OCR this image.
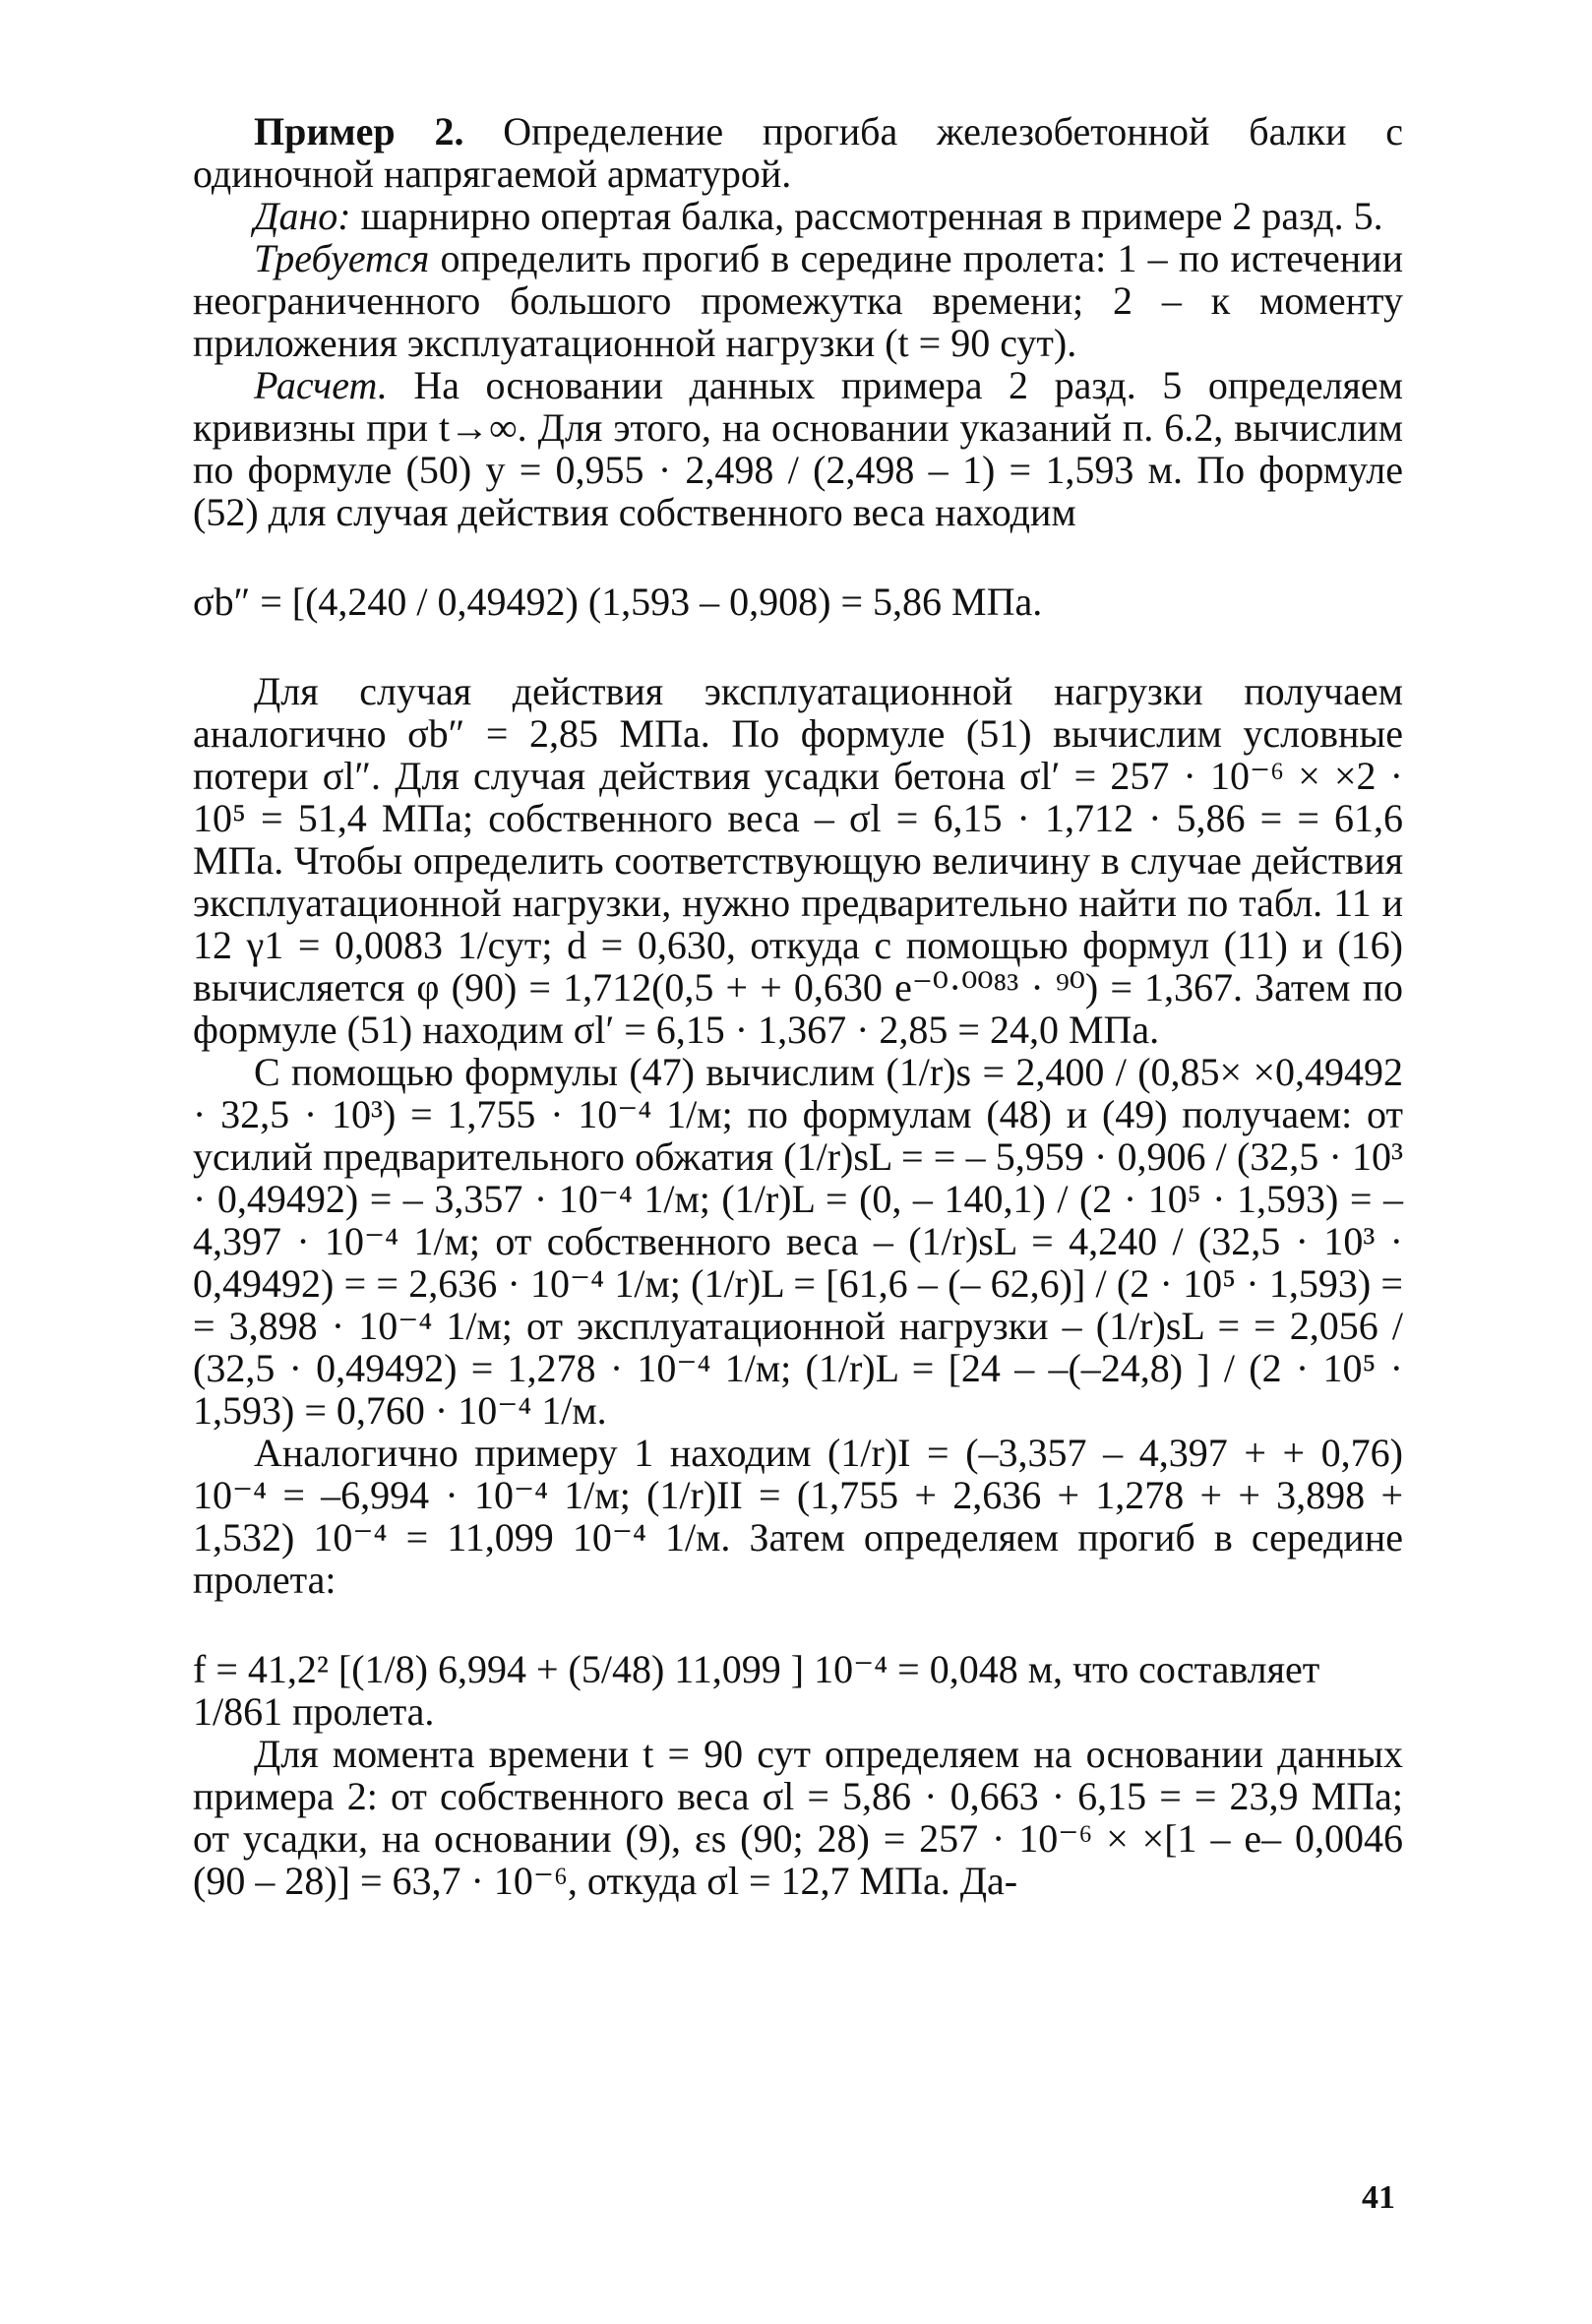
Пример 2. Определение прогиба железобетонной балки с одиночной напрягаемой арматурой.

Дано: шарнирно опертая балка, рассмотренная в примере 2 разд. 5.

Требуется определить прогиб в середине пролета: 1 – по истечении неограниченного большого промежутка времени; 2 – к моменту приложения эксплуатационной нагрузки (t = 90 сут).

Расчет. На основании данных примера 2 разд. 5 определяем кривизны при t→∞. Для этого, на основании указаний п. 6.2, вычислим по формуле (50) y = 0,955 · 2,498 / (2,498 – 1) = 1,593 м. По формуле (52) для случая действия собственного веса находим

σb″ = [(4,240 / 0,49492) (1,593 – 0,908) = 5,86 МПа.

Для случая действия эксплуатационной нагрузки получаем аналогично σb″ = 2,85 МПа. По формуле (51) вычислим условные потери σl″. Для случая действия усадки бетона σl′ = 257 · 10⁻⁶ × ×2 · 10⁵ = 51,4 МПа; собственного веса – σl = 6,15 · 1,712 · 5,86 = = 61,6 МПа. Чтобы определить соответствующую величину в случае действия эксплуатационной нагрузки, нужно предварительно найти по табл. 11 и 12 γ1 = 0,0083 1/сут; d = 0,630, откуда с помощью формул (11) и (16) вычисляется φ (90) = 1,712(0,5 + + 0,630 e⁻⁰·⁰⁰⁸³ · ⁹⁰) = 1,367. Затем по формуле (51) находим σl′ = 6,15 · 1,367 · 2,85 = 24,0 МПа.

С помощью формулы (47) вычислим (1/r)s = 2,400 / (0,85× ×0,49492 · 32,5 · 10³) = 1,755 · 10⁻⁴ 1/м; по формулам (48) и (49) получаем: от усилий предварительного обжатия (1/r)sL = = – 5,959 · 0,906 / (32,5 · 10³ · 0,49492) = – 3,357 · 10⁻⁴ 1/м; (1/r)L = (0, – 140,1) / (2 · 10⁵ · 1,593) = – 4,397 · 10⁻⁴ 1/м; от собственного веса – (1/r)sL = 4,240 / (32,5 · 10³ · 0,49492) = = 2,636 · 10⁻⁴ 1/м; (1/r)L = [61,6 – (– 62,6)] / (2 · 10⁵ · 1,593) = = 3,898 · 10⁻⁴ 1/м; от эксплуатационной нагрузки – (1/r)sL = = 2,056 / (32,5 · 0,49492) = 1,278 · 10⁻⁴ 1/м; (1/r)L = [24 – –(–24,8) ] / (2 · 10⁵ · 1,593) = 0,760 · 10⁻⁴ 1/м.

Аналогично примеру 1 находим (1/r)I = (–3,357 – 4,397 + + 0,76) 10⁻⁴ = –6,994 · 10⁻⁴ 1/м; (1/r)II = (1,755 + 2,636 + 1,278 + + 3,898 + 1,532) 10⁻⁴ = 11,099 10⁻⁴ 1/м. Затем определяем прогиб в середине пролета:

f = 41,2² [(1/8) 6,994 + (5/48) 11,099 ] 10⁻⁴ = 0,048 м, что составляет 1/861 пролета.

Для момента времени t = 90 сут определяем на основании данных примера 2: от собственного веса σl = 5,86 · 0,663 · 6,15 = = 23,9 МПа; от усадки, на основании (9), εs (90; 28) = 257 · 10⁻⁶ × ×[1 – e– 0,0046 (90 – 28)] = 63,7 · 10⁻⁶, откуда σl = 12,7 МПа. Да-

41
